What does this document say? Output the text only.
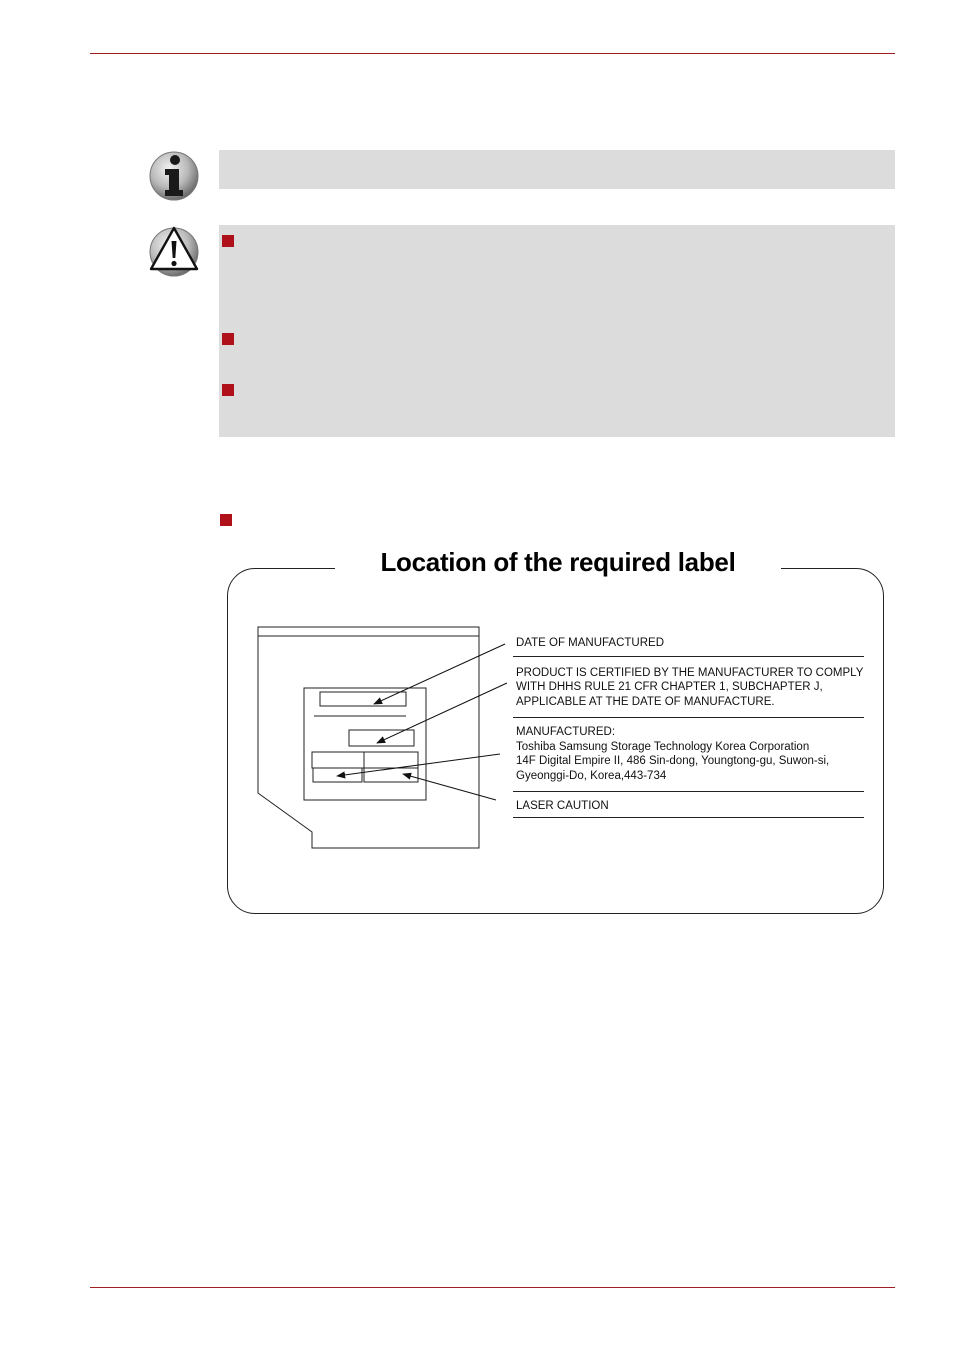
Location of the required label
DATE OF MANUFACTURED
PRODUCT IS CERTIFIED BY THE MANUFACTURER TO COMPLY
WITH DHHS RULE 21 CFR CHAPTER 1, SUBCHAPTER J,
APPLICABLE AT THE DATE OF MANUFACTURE.
MANUFACTURED:
Toshiba Samsung Storage Technology Korea Corporation
14F Digital Empire II, 486 Sin-dong, Youngtong-gu, Suwon-si,
Gyeonggi-Do, Korea,443-734
LASER CAUTION
